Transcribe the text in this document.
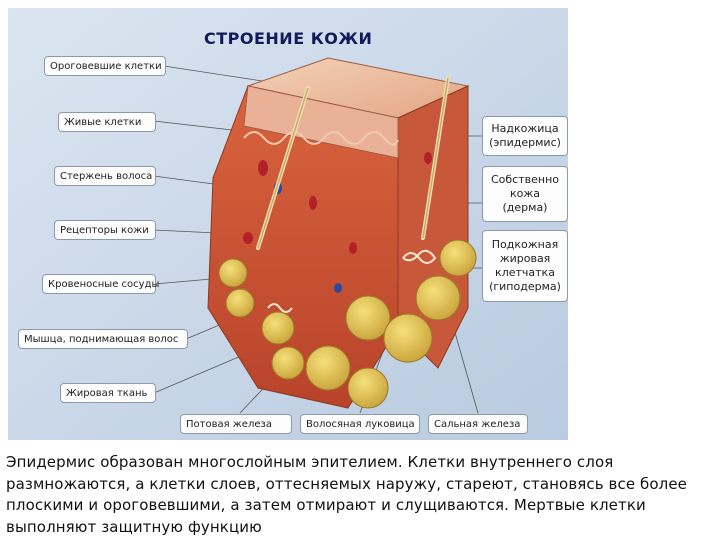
СТРОЕНИЕ КОЖИ
Ороговевшие клетки
Живые клетки
Стержень волоса
Рецепторы кожи
Кровеносные сосуды
Мышца, поднимающая волос
Жировая ткань
Потовая железа	Волосяная луковица	Сальная железа
Надкожица
(эпидермис)
Собственно
кожа
(дерма)
Подкожная
жировая
клетчатка
(гиподерма)
Эпидермис образован многослойным эпителием. Клетки внутреннего слоя размножаются, а клетки слоев, оттесняемых наружу, стареют, становясь все более плоскими и ороговевшими, а затем отмирают и слущиваются. Мертвые клетки выполняют защитную функцию
